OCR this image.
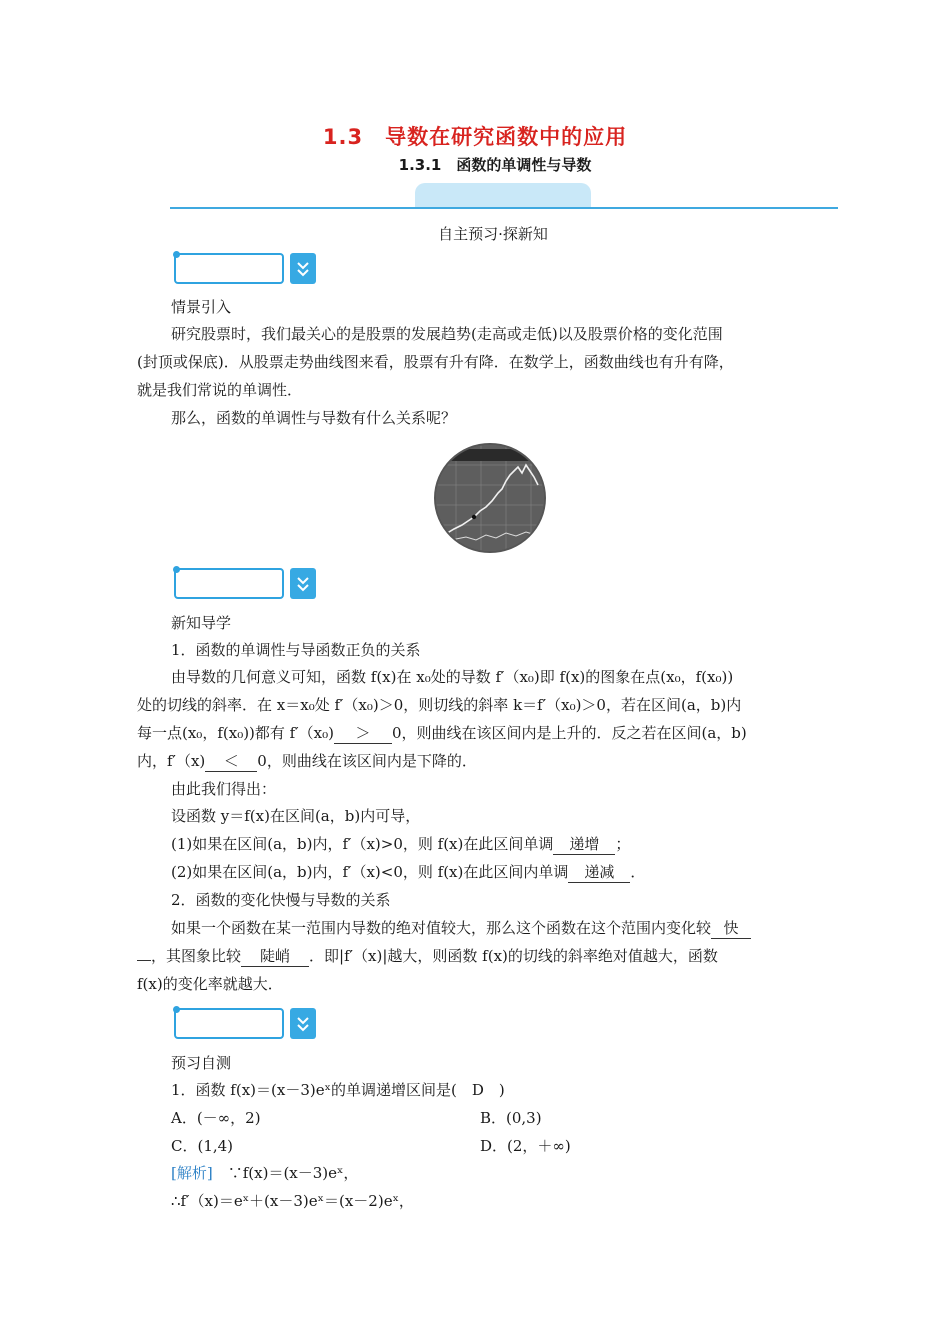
1.3　导数在研究函数中的应用
1.3.1　函数的单调性与导数
自主预习·探新知
情景引入
研究股票时，我们最关心的是股票的发展趋势(走高或走低)以及股票价格的变化范围
(封顶或保底)．从股票走势曲线图来看，股票有升有降．在数学上，函数曲线也有升有降，
就是我们常说的单调性．
那么，函数的单调性与导数有什么关系呢？
新知导学
1．函数的单调性与导函数正负的关系
由导数的几何意义可知，函数 f(x)在 x₀处的导数 f′（x₀)即 f(x)的图象在点(x₀，f(x₀))
处的切线的斜率．在 x＝x₀处 f′（x₀)＞0，则切线的斜率 k＝f′（x₀)＞0，若在区间(a，b)内
每一点(x₀，f(x₀))都有 f′（x₀) ＞ 0，则曲线在该区间内是上升的．反之若在区间(a，b)
内，f′（x) ＜ 0，则曲线在该区间内是下降的．
由此我们得出：
设函数 y＝f(x)在区间(a，b)内可导，
(1)如果在区间(a，b)内，f′（x)>0，则 f(x)在此区间单调 递增 ；
(2)如果在区间(a，b)内，f′（x)<0，则 f(x)在此区间内单调 递减 ．
2．函数的变化快慢与导数的关系
如果一个函数在某一范围内导数的绝对值较大，那么这个函数在这个范围内变化较 快
，其图象比较 陡峭 ．即|f′（x)|越大，则函数 f(x)的切线的斜率绝对值越大，函数
f(x)的变化率就越大．
预习自测
1．函数 f(x)＝(x－3)eˣ的单调递增区间是(　D　)
A．(－∞，2)	B．(0,3)
C．(1,4)	D．(2，＋∞)
[解析]　 ∵f(x)＝(x－3)eˣ，
∴f′（x)＝eˣ＋(x－3)eˣ＝(x－2)eˣ，
